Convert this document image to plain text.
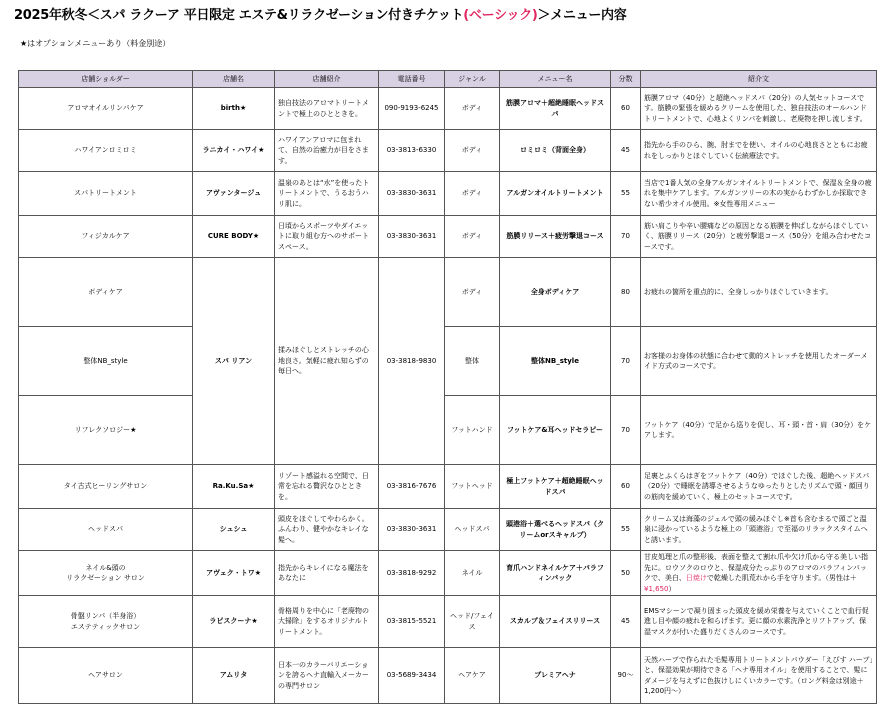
2025年秋冬＜スパ ラクーア 平日限定 エステ&リラクゼーション付きチケット(ベーシック)＞メニュー内容
★はオプションメニューあり（料金別途）
店舗ショルダー	店舗名	店舗紹介	電話番号	ジャンル	メニュー名	分数	紹介文
アロマオイルリンパケア	birth★	独自技法のアロマトリートメントで極上のひとときを。	090-9193-6245	ボディ	筋膜アロマ＋超絶睡眠ヘッドスパ	60	筋膜アロマ（40分）と超絶ヘッドスパ（20分）の人気セットコースです。筋膜の緊張を緩めるクリームを使用した、独自技法のオールハンドトリートメントで、心地よくリンパを刺激し、老廃物を押し流します。
ハワイアンロミロミ	ラニカイ・ハワイ★	ハワイアンアロマに包まれて、自然の治癒力が目をさます。	03-3813-6330	ボディ	ロミロミ（背面全身）	45	指先から手のひら、腕、肘までを使い、オイルの心地良さとともにお疲れをしっかりとほぐしていく伝統療法です。
スパトリートメント	アヴァンタージュ	温泉のあとは“水”を使ったトリートメントで、うるおうハリ肌に。	03-3830-3631	ボディ	アルガンオイルトリートメント	55	当店で1番人気の全身アルガンオイルトリートメントで、保湿＆全身の疲れを集中ケアします。アルガンツリーの木の実からわずかしか採取できない希少オイル使用。※女性専用メニュー
フィジカルケア	CURE BODY★	日頃からスポーツやダイエットに取り組む方へのサポートスペース。	03-3830-3631	ボディ	筋膜リリース＋疲労撃退コース	70	筋い肩こりや辛い腰痛などの原因となる筋膜を伸ばしながらほぐしていく、筋膜リリース（20分）と疲労撃退コース（50分）を組み合わせたコースです。
ボディケア	スパ リアン	揉みほぐしとストレッチの心地良さ。気軽に疲れ知らずの毎日へ。	03-3818-9830	ボディ	全身ボディケア	80	お疲れの箇所を重点的に、全身しっかりほぐしていきます。
整体NB_style				整体	整体NB_style	70	お客様のお身体の状態に合わせて動的ストレッチを使用したオーダーメイド方式のコースです。
リフレクソロジー★				フットハンド	フットケア&耳ヘッドセラピー	70	フットケア（40分）で足から巡りを促し、耳・頭・首・肩（30分）をケアします。
タイ古式ヒーリングサロン	Ra.Ku.Sa★	リゾート感溢れる空間で、日常を忘れる贅沢なひとときを。	03-3816-7676	フットヘッド	極上フットケア＋超絶睡眠ヘッドスパ	60	足裏とふくらはぎをフットケア（40分）でほぐした後、超絶ヘッドスパ（20分）で睡眠を誘導させるようなゆったりとしたリズムで頭・顔回りの筋肉を緩めていく、極上のセットコースです。
ヘッドスパ	シュシュ	頭皮をほぐしてやわらかく。ふんわり、健やかなキレイな髪へ。	03-3830-3631	ヘッドスパ	頭港浴＋選べるヘッドスパ（クリームorスキャルプ）	55	クリーム又は海藻のジェルで頭の緩みほぐし※首も含むまるで頭ごと温泉に浸かっているような極上の「頭港浴」で至福のリラックスタイムへと誘います。
ネイル&頭の
リラクゼーション サロン	アヴェク・トワ★	指先からキレイになる魔法をあなたに	03-3818-9292	ネイル	育爪ハンドネイルケア＋パラフィンパック	50	甘皮処理と爪の整形後、表面を整えて割れ爪や欠け爪から守る美しい指先に。ロウソクのロウと、保湿成分たっぷりのアロマのパラフィンパックで、美白、日焼けで乾燥した肌荒れから手を守ります。（男性は＋¥1,650）
骨盤リンパ（半身浴）
エステティックサロン	ラピスクーナ★	骨格周りを中心に「老廃物の大掃除」をするオリジナルトリートメント。	03-3815-5521	ヘッド/フェイス	スカルプ＆フェイスリリース	45	EMSマシーンで凝り固まった頭皮を緩め栄養を与えていくことで血行促進し目や顔の疲れを和らげます。更に顔の水素洗浄とリフトアップ、保湿マスクが付いた盛りだくさんのコースです。
ヘアサロン	アムリタ	日本一のカラーバリエーションを誇るヘナ直輸入メーカーの専門サロン	03-5689-3434	ヘアケア	プレミアヘナ	90～	天然ハーブで作られた毛髪専用トリートメントパウダー「えびす ハーブ」と、保湿効果が期待できる「ヘナ専用オイル」を使用することで、髪にダメージを与えずに色抜けしにくいカラーです。（ロング料金は別途＋1,200円～）
